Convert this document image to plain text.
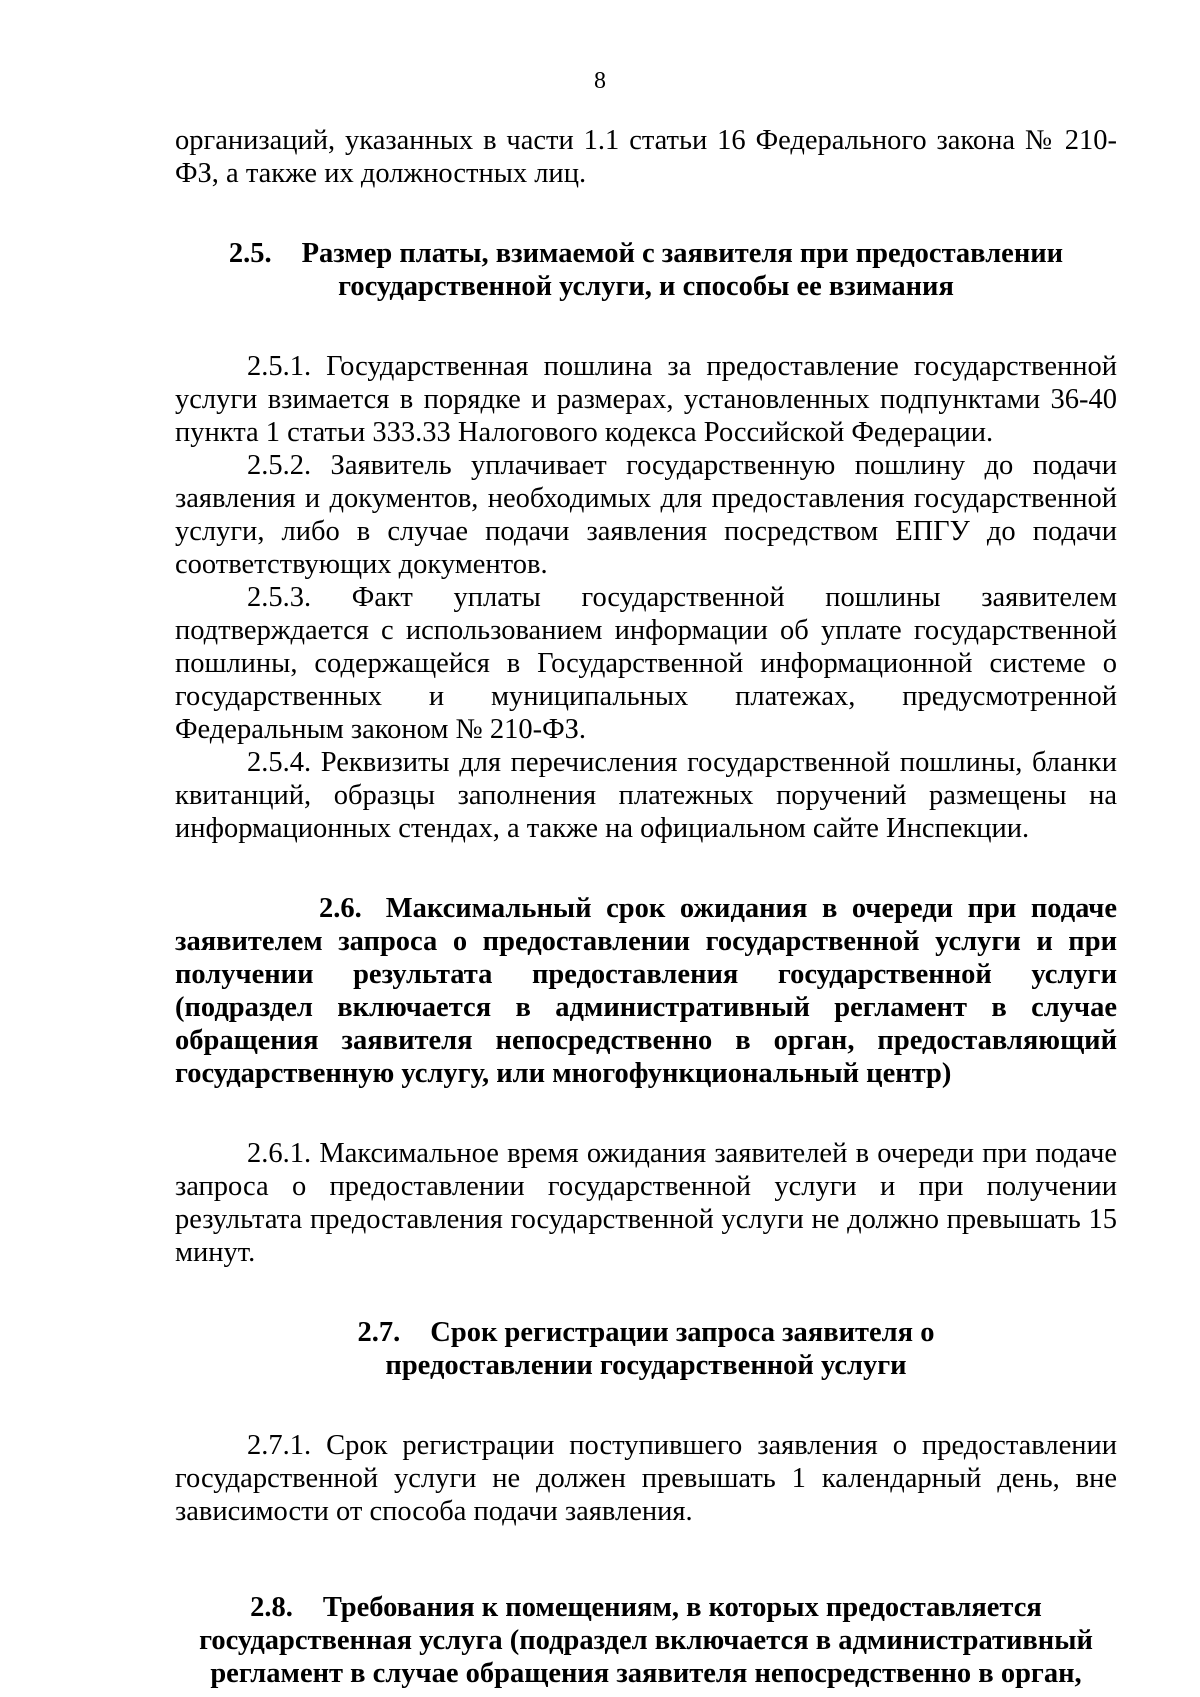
8

организаций, указанных в части 1.1 статьи 16 Федерального закона № 210-ФЗ, а также их должностных лиц.

2.5. Размер платы, взимаемой с заявителя при предоставлении государственной услуги, и способы ее взимания

2.5.1. Государственная пошлина за предоставление государственной услуги взимается в порядке и размерах, установленных подпунктами 36-40 пункта 1 статьи 333.33 Налогового кодекса Российской Федерации.

2.5.2. Заявитель уплачивает государственную пошлину до подачи заявления и документов, необходимых для предоставления государственной услуги, либо в случае подачи заявления посредством ЕПГУ до подачи соответствующих документов.

2.5.3. Факт уплаты государственной пошлины заявителем подтверждается с использованием информации об уплате государственной пошлины, содержащейся в Государственной информационной системе о государственных и муниципальных платежах, предусмотренной Федеральным законом № 210-ФЗ.

2.5.4. Реквизиты для перечисления государственной пошлины, бланки квитанций, образцы заполнения платежных поручений размещены на информационных стендах, а также на официальном сайте Инспекции.

2.6. Максимальный срок ожидания в очереди при подаче заявителем запроса о предоставлении государственной услуги и при получении результата предоставления государственной услуги (подраздел включается в административный регламент в случае обращения заявителя непосредственно в орган, предоставляющий государственную услугу, или многофункциональный центр)

2.6.1. Максимальное время ожидания заявителей в очереди при подаче запроса о предоставлении государственной услуги и при получении результата предоставления государственной услуги не должно превышать 15 минут.

2.7. Срок регистрации запроса заявителя о предоставлении государственной услуги

2.7.1. Срок регистрации поступившего заявления о предоставлении государственной услуги не должен превышать 1 календарный день, вне зависимости от способа подачи заявления.

2.8. Требования к помещениям, в которых предоставляется государственная услуга (подраздел включается в административный регламент в случае обращения заявителя непосредственно в орган,
